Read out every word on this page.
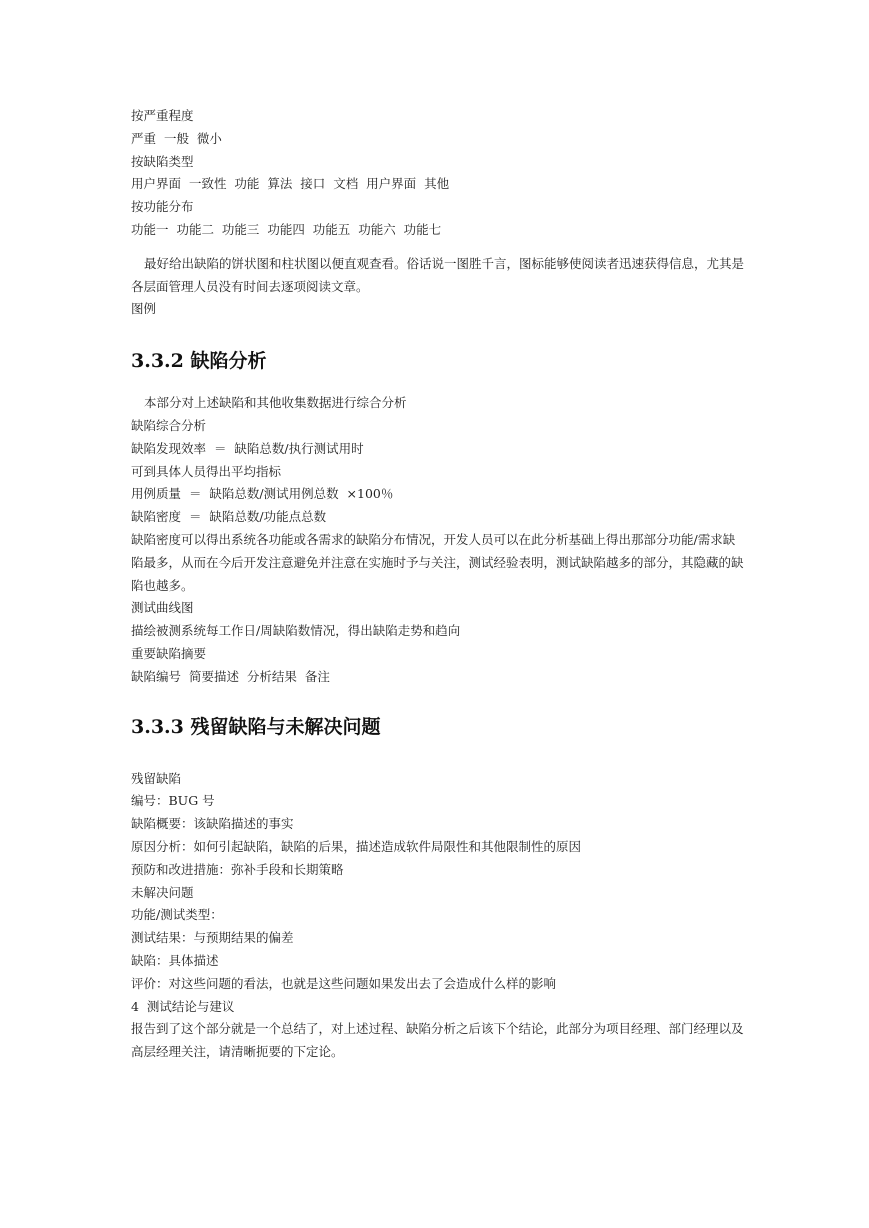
按严重程度
严重  一般  微小
按缺陷类型
用户界面  一致性  功能  算法  接口  文档  用户界面  其他
按功能分布
功能一  功能二  功能三  功能四  功能五  功能六  功能七
最好给出缺陷的饼状图和柱状图以便直观查看。俗话说一图胜千言，图标能够使阅读者迅速获得信息，尤其是各层面管理人员没有时间去逐项阅读文章。
图例
3.3.2 缺陷分析
本部分对上述缺陷和其他收集数据进行综合分析
缺陷综合分析
缺陷发现效率  ＝  缺陷总数/执行测试用时
可到具体人员得出平均指标
用例质量  ＝  缺陷总数/测试用例总数  ×100％
缺陷密度  ＝  缺陷总数/功能点总数
缺陷密度可以得出系统各功能或各需求的缺陷分布情况，开发人员可以在此分析基础上得出那部分功能/需求缺陷最多，从而在今后开发注意避免并注意在实施时予与关注，测试经验表明，测试缺陷越多的部分，其隐藏的缺陷也越多。
测试曲线图
描绘被测系统每工作日/周缺陷数情况，得出缺陷走势和趋向
重要缺陷摘要
缺陷编号  简要描述  分析结果  备注
3.3.3 残留缺陷与未解决问题
残留缺陷
编号：BUG 号
缺陷概要：该缺陷描述的事实
原因分析：如何引起缺陷，缺陷的后果，描述造成软件局限性和其他限制性的原因
预防和改进措施：弥补手段和长期策略
未解决问题
功能/测试类型：
测试结果：与预期结果的偏差
缺陷：具体描述
评价：对这些问题的看法，也就是这些问题如果发出去了会造成什么样的影响
4  测试结论与建议
报告到了这个部分就是一个总结了，对上述过程、缺陷分析之后该下个结论，此部分为项目经理、部门经理以及高层经理关注，请清晰扼要的下定论。
